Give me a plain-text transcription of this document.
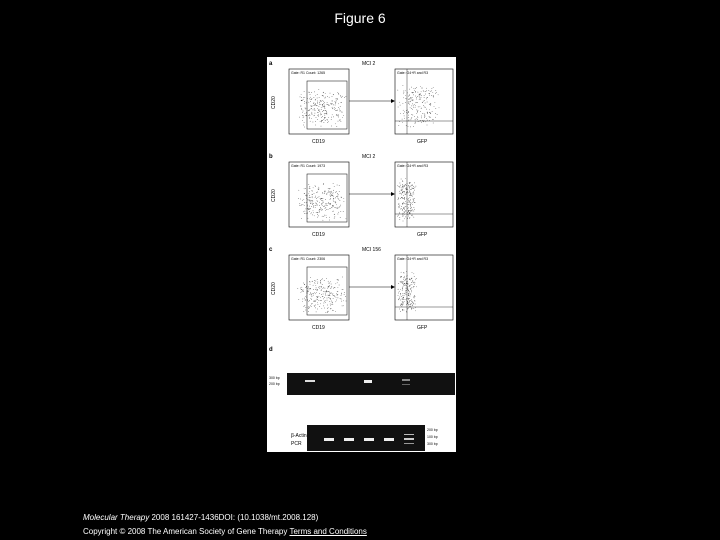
Figure 6
a	MCI 2
Gate: R1 Count: 1265	Gate: G4+R and R3
CD19	GFP
CD20
b	MCI 2
Gate: R1 Count: 1973	Gate: G4+R and R3
CD19	GFP
CD20
c	MCI 156
Gate: R1 Count: 2306	Gate: G4+R and R3
CD19	GFP
CD20
d
300 bp
200 bp
200 bp
100 bp
300 bp
β-Actin
PCR
Molecular Therapy 2008 161427-1436DOI: (10.1038/mt.2008.128)
Copyright © 2008 The American Society of Gene Therapy Terms and Conditions
